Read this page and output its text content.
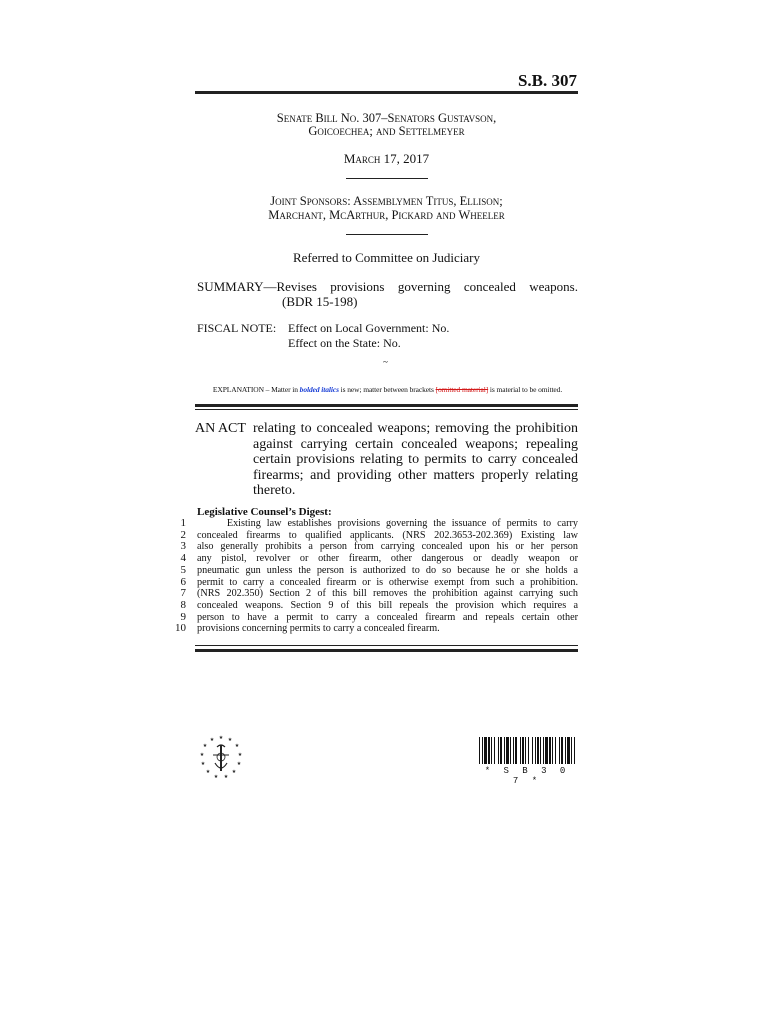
S.B. 307
Senate Bill No. 307–Senators Gustavson,
Goicoechea; and Settelmeyer
March 17, 2017
Joint Sponsors: Assemblymen Titus, Ellison;
Marchant, McArthur, Pickard and Wheeler
Referred to Committee on Judiciary
SUMMARY— Revises provisions governing concealed weapons.
(BDR 15-198)
FISCAL NOTE: Effect on Local Government: No.
Effect on the State: No.
~
EXPLANATION – Matter in bolded italics is new; matter between brackets [omitted material] is material to be omitted.
AN ACT relating to concealed weapons; removing the prohibition
against carrying certain concealed weapons; repealing certain provisions relating to permits to carry concealed firearms; and providing other matters properly relating thereto.
Legislative Counsel’s Digest:
1
2
3
4
5
6
7
8
9
10
Existing law establishes provisions governing the issuance of permits to carry
concealed firearms to qualified applicants. (NRS 202.3653-202.369) Existing law
also generally prohibits a person from carrying concealed upon his or her person
any pistol, revolver or other firearm, other dangerous or deadly weapon or
pneumatic gun unless the person is authorized to do so because he or she holds a
permit to carry a concealed firearm or is otherwise exempt from such a prohibition.
(NRS 202.350) Section 2 of this bill removes the prohibition against carrying such
concealed weapons. Section 9 of this bill repeals the provision which requires a
person to have a permit to carry a concealed firearm and repeals certain other
provisions concerning permits to carry a concealed firearm.
★ ★
★
★
★
★
★
★
★
★
★
★
★
* S B 3 0 7 *
